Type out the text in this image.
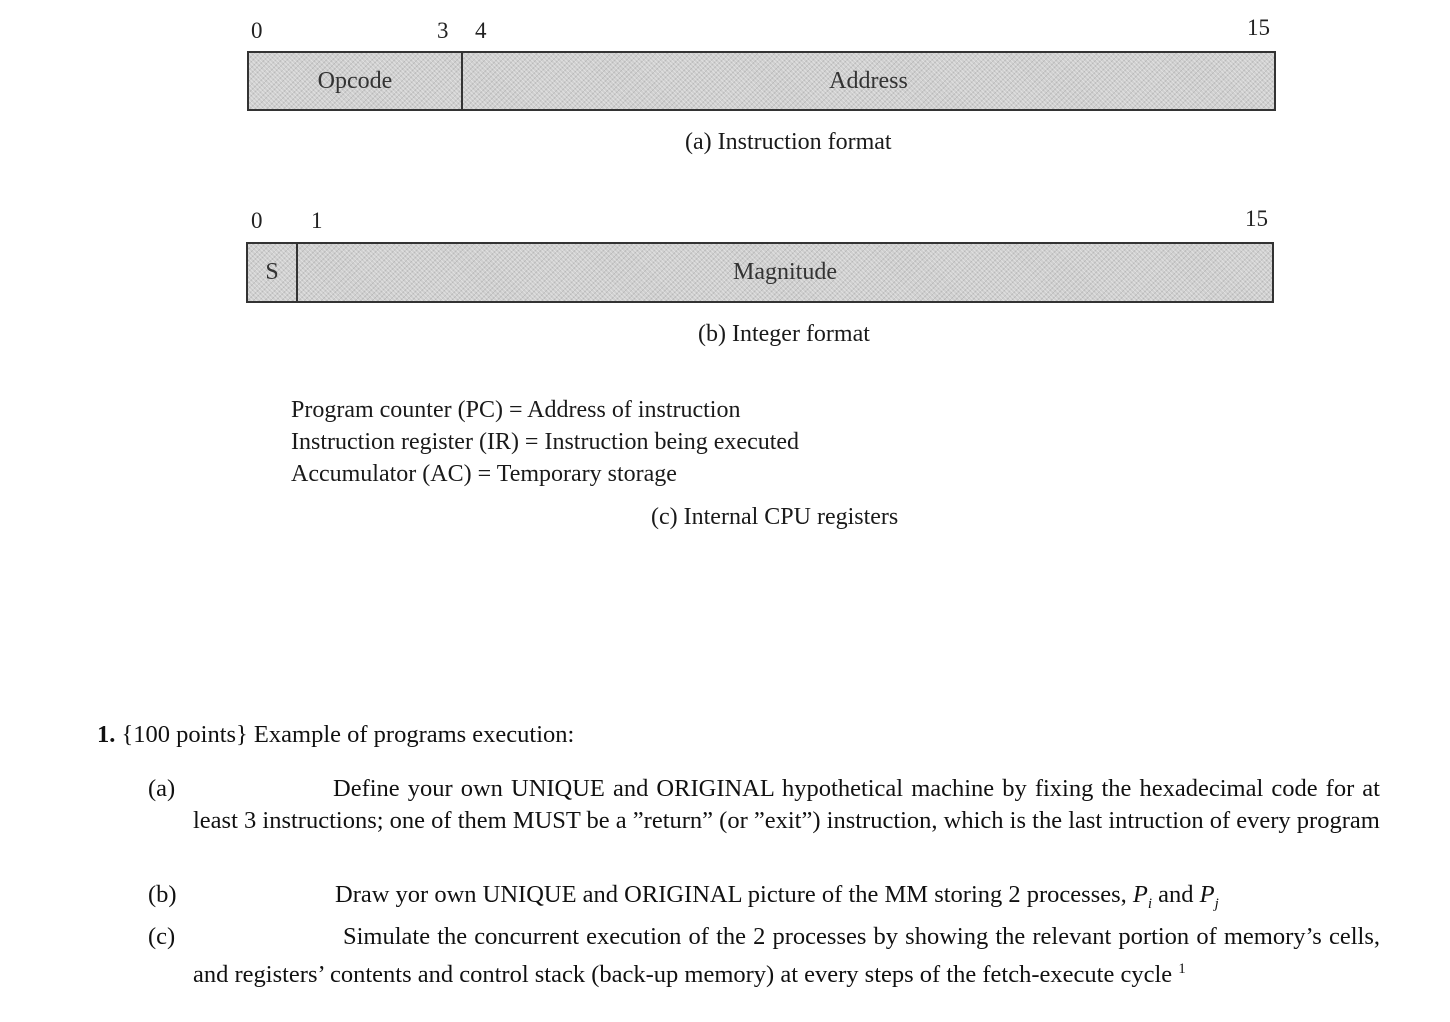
0	3 4	15
Opcode	Address
(a) Instruction format
0 1	15
S	Magnitude
(b) Integer format
Program counter (PC) = Address of instruction
Instruction register (IR) = Instruction being executed
Accumulator (AC) = Temporary storage
(c) Internal CPU registers
1. {100 points} Example of programs execution:
(a)	Define your own UNIQUE and ORIGINAL hypothetical machine by fixing the hexadecimal code for at least 3 instructions; one of them MUST be a ”return” (or ”exit”) instruction, which is the last intruction of every program
(b)	Draw yor own UNIQUE and ORIGINAL picture of the MM storing 2 processes, $P_i$ and $P_j$
(c)	Simulate the concurrent execution of the 2 processes by showing the relevant portion of memory’s cells, and registers’ contents and control stack (back-up memory) at every steps of the fetch-execute cycle $^1$
